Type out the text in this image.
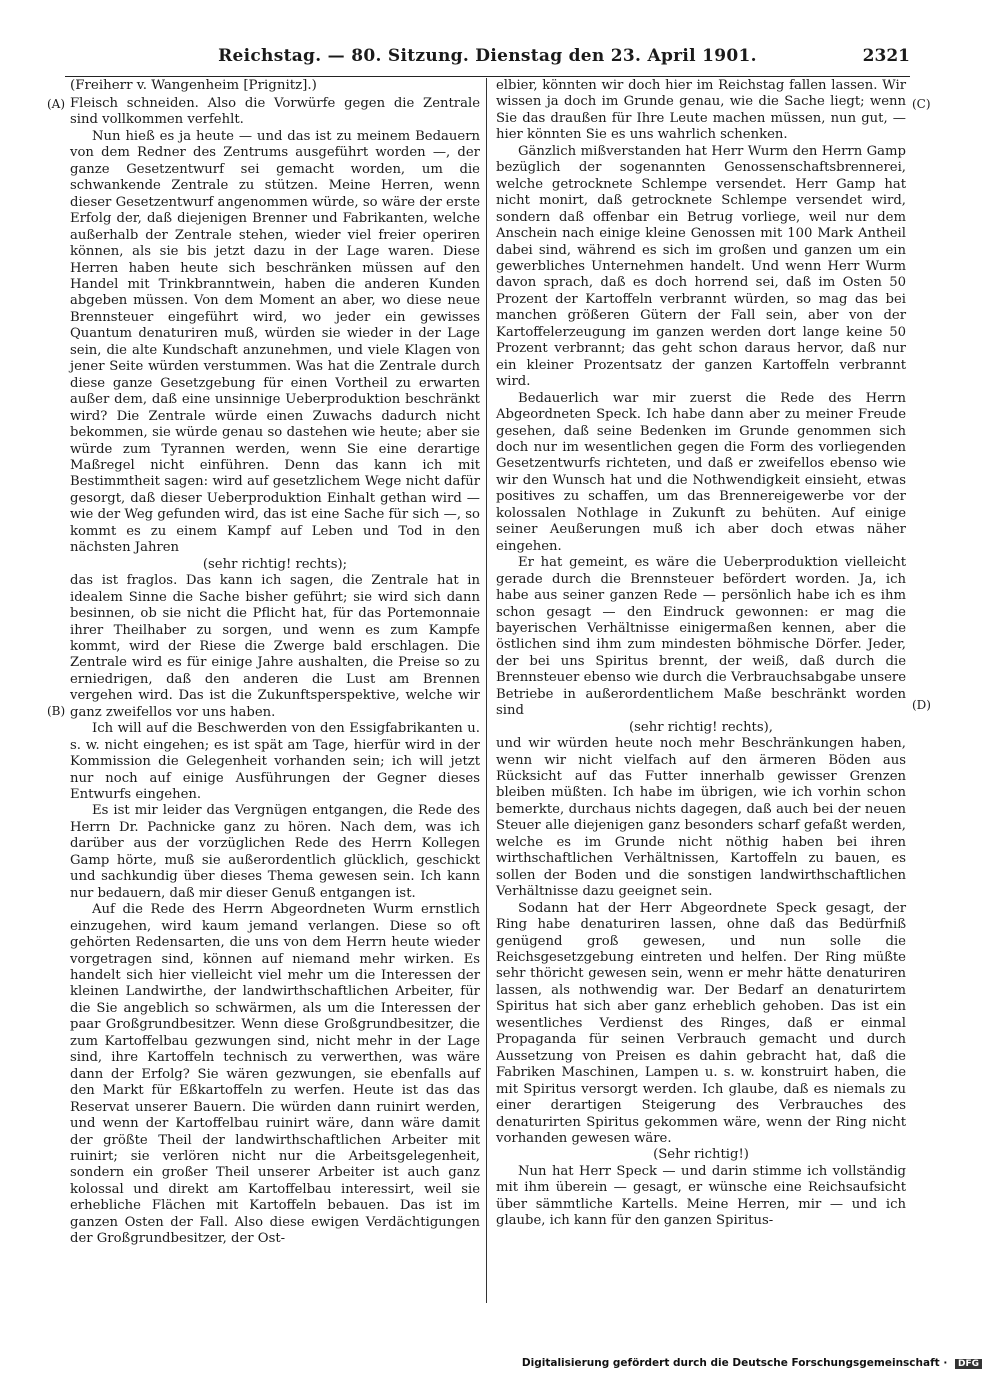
Reichstag. — 80. Sitzung. Dienstag den 23. April 1901.	2321
(Freiherr v. Wangenheim [Prignitz].)

Fleisch schneiden. Also die Vorwürfe gegen die Zentrale sind vollkommen verfehlt.

Nun hieß es ja heute — und das ist zu meinem Bedauern von dem Redner des Zentrums ausgeführt worden —, der ganze Gesetzentwurf sei gemacht worden, um die schwankende Zentrale zu stützen. Meine Herren, wenn dieser Gesetzentwurf angenommen würde, so wäre der erste Erfolg der, daß diejenigen Brenner und Fabrikanten, welche außerhalb der Zentrale stehen, wieder viel freier operiren können, als sie bis jetzt dazu in der Lage waren. Diese Herren haben heute sich beschränken müssen auf den Handel mit Trinkbranntwein, haben die anderen Kunden abgeben müssen. Von dem Moment an aber, wo diese neue Brennsteuer eingeführt wird, wo jeder ein gewisses Quantum denaturiren muß, würden sie wieder in der Lage sein, die alte Kundschaft anzunehmen, und viele Klagen von jener Seite würden verstummen. Was hat die Zentrale durch diese ganze Gesetzgebung für einen Vortheil zu erwarten außer dem, daß eine unsinnige Ueberproduktion beschränkt wird? Die Zentrale würde einen Zuwachs dadurch nicht bekommen, sie würde genau so dastehen wie heute; aber sie würde zum Tyrannen werden, wenn Sie eine derartige Maßregel nicht einführen. Denn das kann ich mit Bestimmtheit sagen: wird auf gesetzlichem Wege nicht dafür gesorgt, daß dieser Ueberproduktion Einhalt gethan wird — wie der Weg gefunden wird, das ist eine Sache für sich —, so kommt es zu einem Kampf auf Leben und Tod in den nächsten Jahren

(sehr richtig! rechts);

das ist fraglos. Das kann ich sagen, die Zentrale hat in idealem Sinne die Sache bisher geführt; sie wird sich dann besinnen, ob sie nicht die Pflicht hat, für das Portemonnaie ihrer Theilhaber zu sorgen, und wenn es zum Kampfe kommt, wird der Riese die Zwerge bald erschlagen. Die Zentrale wird es für einige Jahre aushalten, die Preise so zu erniedrigen, daß den anderen die Lust am Brennen vergehen wird. Das ist die Zukunftsperspektive, welche wir ganz zweifellos vor uns haben.

Ich will auf die Beschwerden von den Essigfabrikanten u. s. w. nicht eingehen; es ist spät am Tage, hierfür wird in der Kommission die Gelegenheit vorhanden sein; ich will jetzt nur noch auf einige Ausführungen der Gegner dieses Entwurfs eingehen.

Es ist mir leider das Vergnügen entgangen, die Rede des Herrn Dr. Pachnicke ganz zu hören. Nach dem, was ich darüber aus der vorzüglichen Rede des Herrn Kollegen Gamp hörte, muß sie außerordentlich glücklich, geschickt und sachkundig über dieses Thema gewesen sein. Ich kann nur bedauern, daß mir dieser Genuß entgangen ist.

Auf die Rede des Herrn Abgeordneten Wurm ernstlich einzugehen, wird kaum jemand verlangen. Diese so oft gehörten Redensarten, die uns von dem Herrn heute wieder vorgetragen sind, können auf niemand mehr wirken. Es handelt sich hier vielleicht viel mehr um die Interessen der kleinen Landwirthe, der landwirthschaftlichen Arbeiter, für die Sie angeblich so schwärmen, als um die Interessen der paar Großgrundbesitzer. Wenn diese Großgrundbesitzer, die zum Kartoffelbau gezwungen sind, nicht mehr in der Lage sind, ihre Kartoffeln technisch zu verwerthen, was wäre dann der Erfolg? Sie wären gezwungen, sie ebenfalls auf den Markt für Eßkartoffeln zu werfen. Heute ist das das Reservat unserer Bauern. Die würden dann ruinirt werden, und wenn der Kartoffelbau ruinirt wäre, dann wäre damit der größte Theil der landwirthschaftlichen Arbeiter mit ruinirt; sie verlören nicht nur die Arbeitsgelegenheit, sondern ein großer Theil unserer Arbeiter ist auch ganz kolossal und direkt am Kartoffelbau interessirt, weil sie erhebliche Flächen mit Kartoffeln bebauen. Das ist im ganzen Osten der Fall. Also diese ewigen Verdächtigungen der Großgrundbesitzer, der Ost-

elbier, könnten wir doch hier im Reichstag fallen lassen. Wir wissen ja doch im Grunde genau, wie die Sache liegt; wenn Sie das draußen für Ihre Leute machen müssen, nun gut, — hier könnten Sie es uns wahrlich schenken.

Gänzlich mißverstanden hat Herr Wurm den Herrn Gamp bezüglich der sogenannten Genossenschaftsbrennerei, welche getrocknete Schlempe versendet. Herr Gamp hat nicht monirt, daß getrocknete Schlempe versendet wird, sondern daß offenbar ein Betrug vorliege, weil nur dem Anschein nach einige kleine Genossen mit 100 Mark Antheil dabei sind, während es sich im großen und ganzen um ein gewerbliches Unternehmen handelt. Und wenn Herr Wurm davon sprach, daß es doch horrend sei, daß im Osten 50 Prozent der Kartoffeln verbrannt würden, so mag das bei manchen größeren Gütern der Fall sein, aber von der Kartoffelerzeugung im ganzen werden dort lange keine 50 Prozent verbrannt; das geht schon daraus hervor, daß nur ein kleiner Prozentsatz der ganzen Kartoffeln verbrannt wird.

Bedauerlich war mir zuerst die Rede des Herrn Abgeordneten Speck. Ich habe dann aber zu meiner Freude gesehen, daß seine Bedenken im Grunde genommen sich doch nur im wesentlichen gegen die Form des vorliegenden Gesetzentwurfs richteten, und daß er zweifellos ebenso wie wir den Wunsch hat und die Nothwendigkeit einsieht, etwas positives zu schaffen, um das Brennereigewerbe vor der kolossalen Nothlage in Zukunft zu behüten. Auf einige seiner Aeußerungen muß ich aber doch etwas näher eingehen.

Er hat gemeint, es wäre die Ueberproduktion vielleicht gerade durch die Brennsteuer befördert worden. Ja, ich habe aus seiner ganzen Rede — persönlich habe ich es ihm schon gesagt — den Eindruck gewonnen: er mag die bayerischen Verhältnisse einigermaßen kennen, aber die östlichen sind ihm zum mindesten böhmische Dörfer. Jeder, der bei uns Spiritus brennt, der weiß, daß durch die Brennsteuer ebenso wie durch die Verbrauchsabgabe unsere Betriebe in außerordentlichem Maße beschränkt worden sind

(sehr richtig! rechts),

und wir würden heute noch mehr Beschränkungen haben, wenn wir nicht vielfach auf den ärmeren Böden aus Rücksicht auf das Futter innerhalb gewisser Grenzen bleiben müßten. Ich habe im übrigen, wie ich vorhin schon bemerkte, durchaus nichts dagegen, daß auch bei der neuen Steuer alle diejenigen ganz besonders scharf gefaßt werden, welche es im Grunde nicht nöthig haben bei ihren wirthschaftlichen Verhältnissen, Kartoffeln zu bauen, es sollen der Boden und die sonstigen landwirthschaftlichen Verhältnisse dazu geeignet sein.

Sodann hat der Herr Abgeordnete Speck gesagt, der Ring habe denaturiren lassen, ohne daß das Bedürfniß genügend groß gewesen, und nun solle die Reichsgesetzgebung eintreten und helfen. Der Ring müßte sehr thöricht gewesen sein, wenn er mehr hätte denaturiren lassen, als nothwendig war. Der Bedarf an denaturirtem Spiritus hat sich aber ganz erheblich gehoben. Das ist ein wesentliches Verdienst des Ringes, daß er einmal Propaganda für seinen Verbrauch gemacht und durch Aussetzung von Preisen es dahin gebracht hat, daß die Fabriken Maschinen, Lampen u. s. w. konstruirt haben, die mit Spiritus versorgt werden. Ich glaube, daß es niemals zu einer derartigen Steigerung des Verbrauches des denaturirten Spiritus gekommen wäre, wenn der Ring nicht vorhanden gewesen wäre.

(Sehr richtig!)

Nun hat Herr Speck — und darin stimme ich vollständig mit ihm überein — gesagt, er wünsche eine Reichsaufsicht über sämmtliche Kartells. Meine Herren, mir — und ich glaube, ich kann für den ganzen Spiritus-

(A)
(B)
(C)
(D)
Digitalisierung gefördert durch die Deutsche Forschungsgemeinschaft · DFG
